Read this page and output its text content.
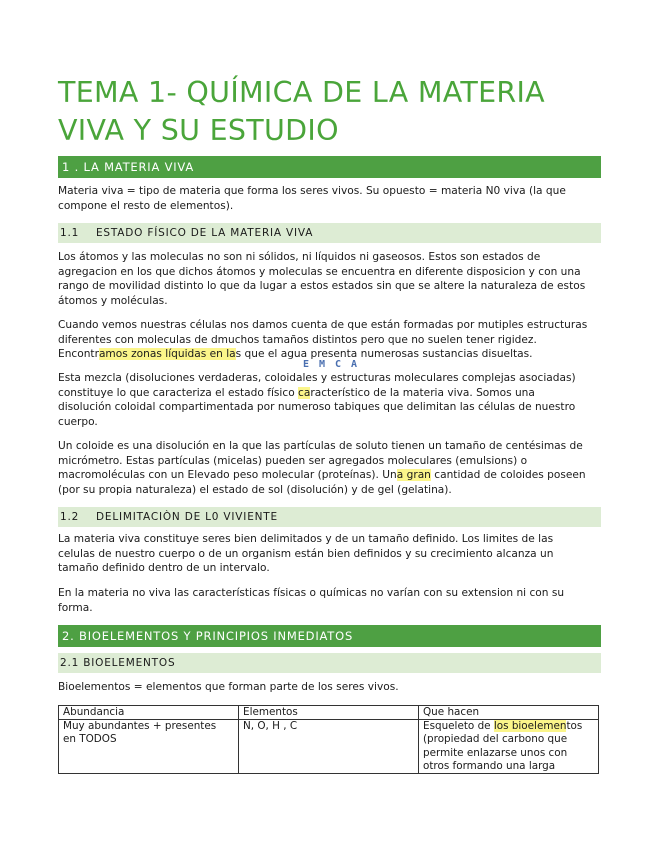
TEMA 1- QUÍMICA DE LA MATERIA
VIVA Y SU ESTUDIO
1 . LA MATERIA VIVA

Materia viva = tipo de materia que forma los seres vivos. Su opuesto = materia N0 viva (la que
compone el resto de elementos).

1.1 ESTADO FÍSICO DE LA MATERIA VIVA

Los átomos y las moleculas no son ni sólidos, ni líquidos ni gaseosos. Estos son estados de
agregacion en los que dichos átomos y moleculas se encuentra en diferente disposicion y con una
rango de movilidad distinto lo que da lugar a estos estados sin que se altere la naturaleza de estos
átomos y moléculas.

Cuando vemos nuestras células nos damos cuenta de que están formadas por mutiples estructuras
diferentes con moleculas de dmuchos tamaños distintos pero que no suelen tener rigidez.
Encontramos zonas líquidas en las que el agua presenta numerosas sustancias disueltas.

EMCA

Esta mezcla (disoluciones verdaderas, coloidales y estructuras moleculares complejas asociadas)
constituye lo que caracteriza el estado físico característico de la materia viva. Somos una
disolución coloidal compartimentada por numeroso tabiques que delimitan las células de nuestro
cuerpo.

Un coloide es una disolución en la que las partículas de soluto tienen un tamaño de centésimas de
micrómetro. Estas partículas (micelas) pueden ser agregados moleculares (emulsions) o
macromoléculas con un Elevado peso molecular (proteínas). Una gran cantidad de coloides poseen
(por su propia naturaleza) el estado de sol (disolución) y de gel (gelatina).

1.2 DELIMITACIÒN DE L0 VIVIENTE

La materia viva constituye seres bien delimitados y de un tamaño definido. Los limites de las
celulas de nuestro cuerpo o de un organism están bien definidos y su crecimiento alcanza un
tamaño definido dentro de un intervalo.

En la materia no viva las características físicas o químicas no varían con su extension ni con su
forma.

2. BIOELEMENTOS Y PRINCIPIOS INMEDIATOS
2.1 BIOELEMENTOS

Bioelementos = elementos que forman parte de los seres vivos.

Abundancia	Elementos	Que hacen
Muy abundantes + presentes
en TODOS	N, O, H , C	Esqueleto de los bioelementos
(propiedad del carbono que
permite enlazarse unos con
otros formando una larga
